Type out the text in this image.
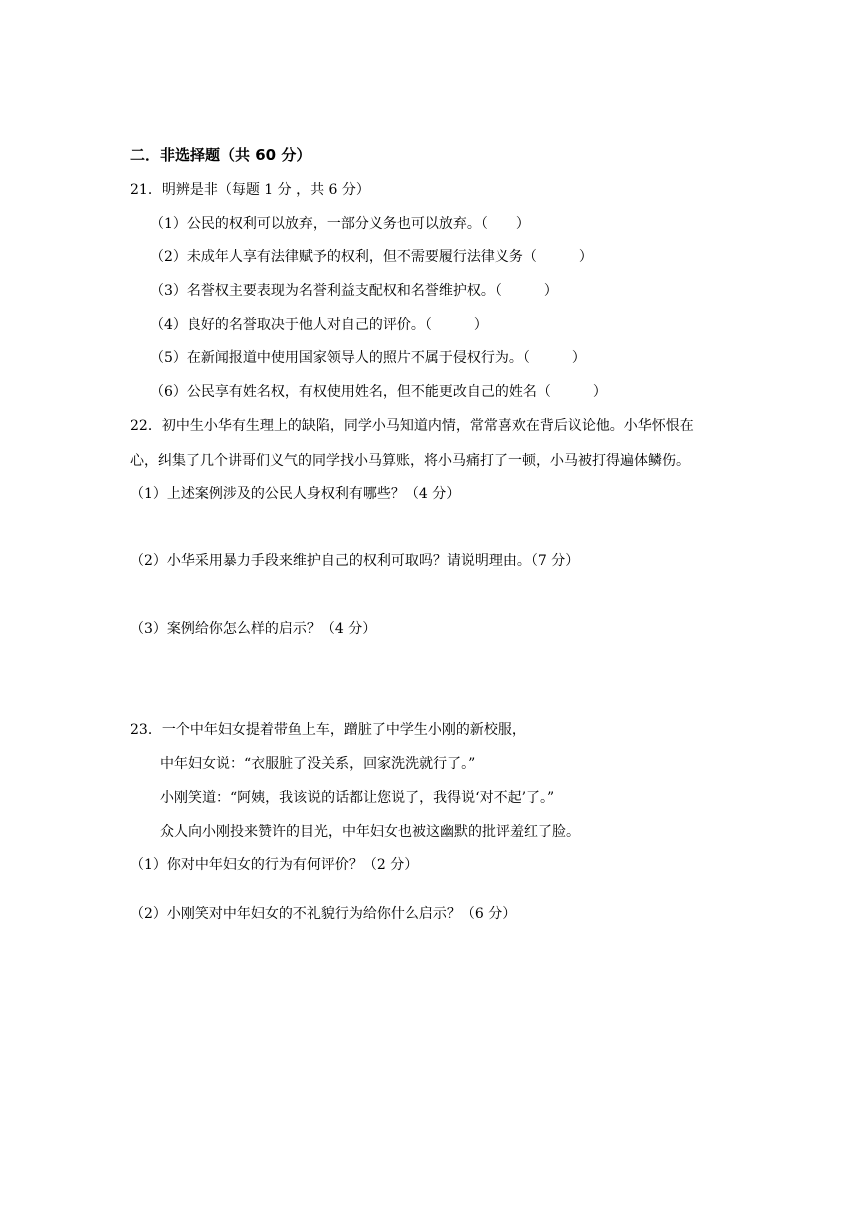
二．非选择题（共 60 分）
21．明辨是非（每题 1 分 ，共 6 分）
（1）公民的权利可以放弃，一部分义务也可以放弃。（　　）
（2）未成年人享有法律赋予的权利，但不需要履行法律义务（　　　）
（3）名誉权主要表现为名誉利益支配权和名誉维护权。（　　　）
（4）良好的名誉取决于他人对自己的评价。（　　　）
（5）在新闻报道中使用国家领导人的照片不属于侵权行为。（　　　）
（6）公民享有姓名权，有权使用姓名，但不能更改自己的姓名（　　　）
22．初中生小华有生理上的缺陷，同学小马知道内情，常常喜欢在背后议论他。小华怀恨在
心，纠集了几个讲哥们义气的同学找小马算账，将小马痛打了一顿，小马被打得遍体鳞伤。
（1）上述案例涉及的公民人身权利有哪些？（4 分）
（2）小华采用暴力手段来维护自己的权利可取吗？请说明理由。（7 分）
（3）案例给你怎么样的启示？（4 分）
23．一个中年妇女提着带鱼上车，蹭脏了中学生小刚的新校服，
中年妇女说：“衣服脏了没关系，回家洗洗就行了。”
小刚笑道：“阿姨，我该说的话都让您说了，我得说‘对不起’了。”
众人向小刚投来赞许的目光，中年妇女也被这幽默的批评羞红了脸。
（1）你对中年妇女的行为有何评价？（2 分）
（2）小刚笑对中年妇女的不礼貌行为给你什么启示？（6 分）
